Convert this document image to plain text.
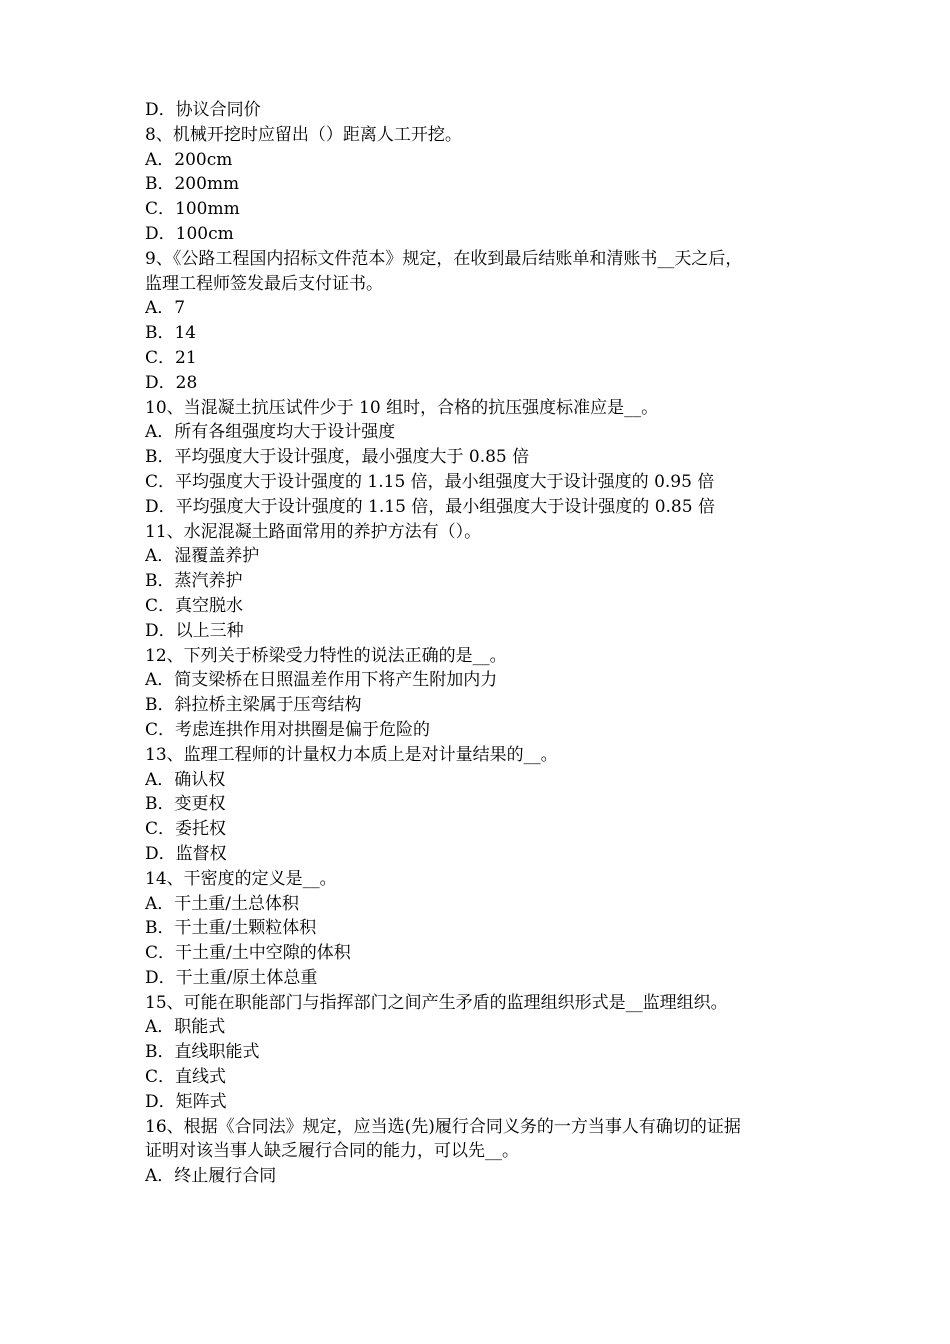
D．协议合同价
8、机械开挖时应留出（）距离人工开挖。
A．200cm
B．200mm
C．100mm
D．100cm
9、《公路工程国内招标文件范本》规定，在收到最后结账单和清账书__天之后，
监理工程师签发最后支付证书。
A．7
B．14
C．21
D．28
10、当混凝土抗压试件少于 10 组时，合格的抗压强度标准应是__。
A．所有各组强度均大于设计强度
B．平均强度大于设计强度，最小强度大于 0.85 倍
C．平均强度大于设计强度的 1.15 倍，最小组强度大于设计强度的 0.95 倍
D．平均强度大于设计强度的 1.15 倍，最小组强度大于设计强度的 0.85 倍
11、水泥混凝土路面常用的养护方法有（）。
A．湿覆盖养护
B．蒸汽养护
C．真空脱水
D．以上三种
12、下列关于桥梁受力特性的说法正确的是__。
A．简支梁桥在日照温差作用下将产生附加内力
B．斜拉桥主梁属于压弯结构
C．考虑连拱作用对拱圈是偏于危险的
13、监理工程师的计量权力本质上是对计量结果的__。
A．确认权
B．变更权
C．委托权
D．监督权
14、干密度的定义是__。
A．干土重/土总体积
B．干土重/土颗粒体积
C．干土重/土中空隙的体积
D．干土重/原土体总重
15、可能在职能部门与指挥部门之间产生矛盾的监理组织形式是__监理组织。
A．职能式
B．直线职能式
C．直线式
D．矩阵式
16、根据《合同法》规定，应当选(先)履行合同义务的一方当事人有确切的证据
证明对该当事人缺乏履行合同的能力，可以先__。
A．终止履行合同
